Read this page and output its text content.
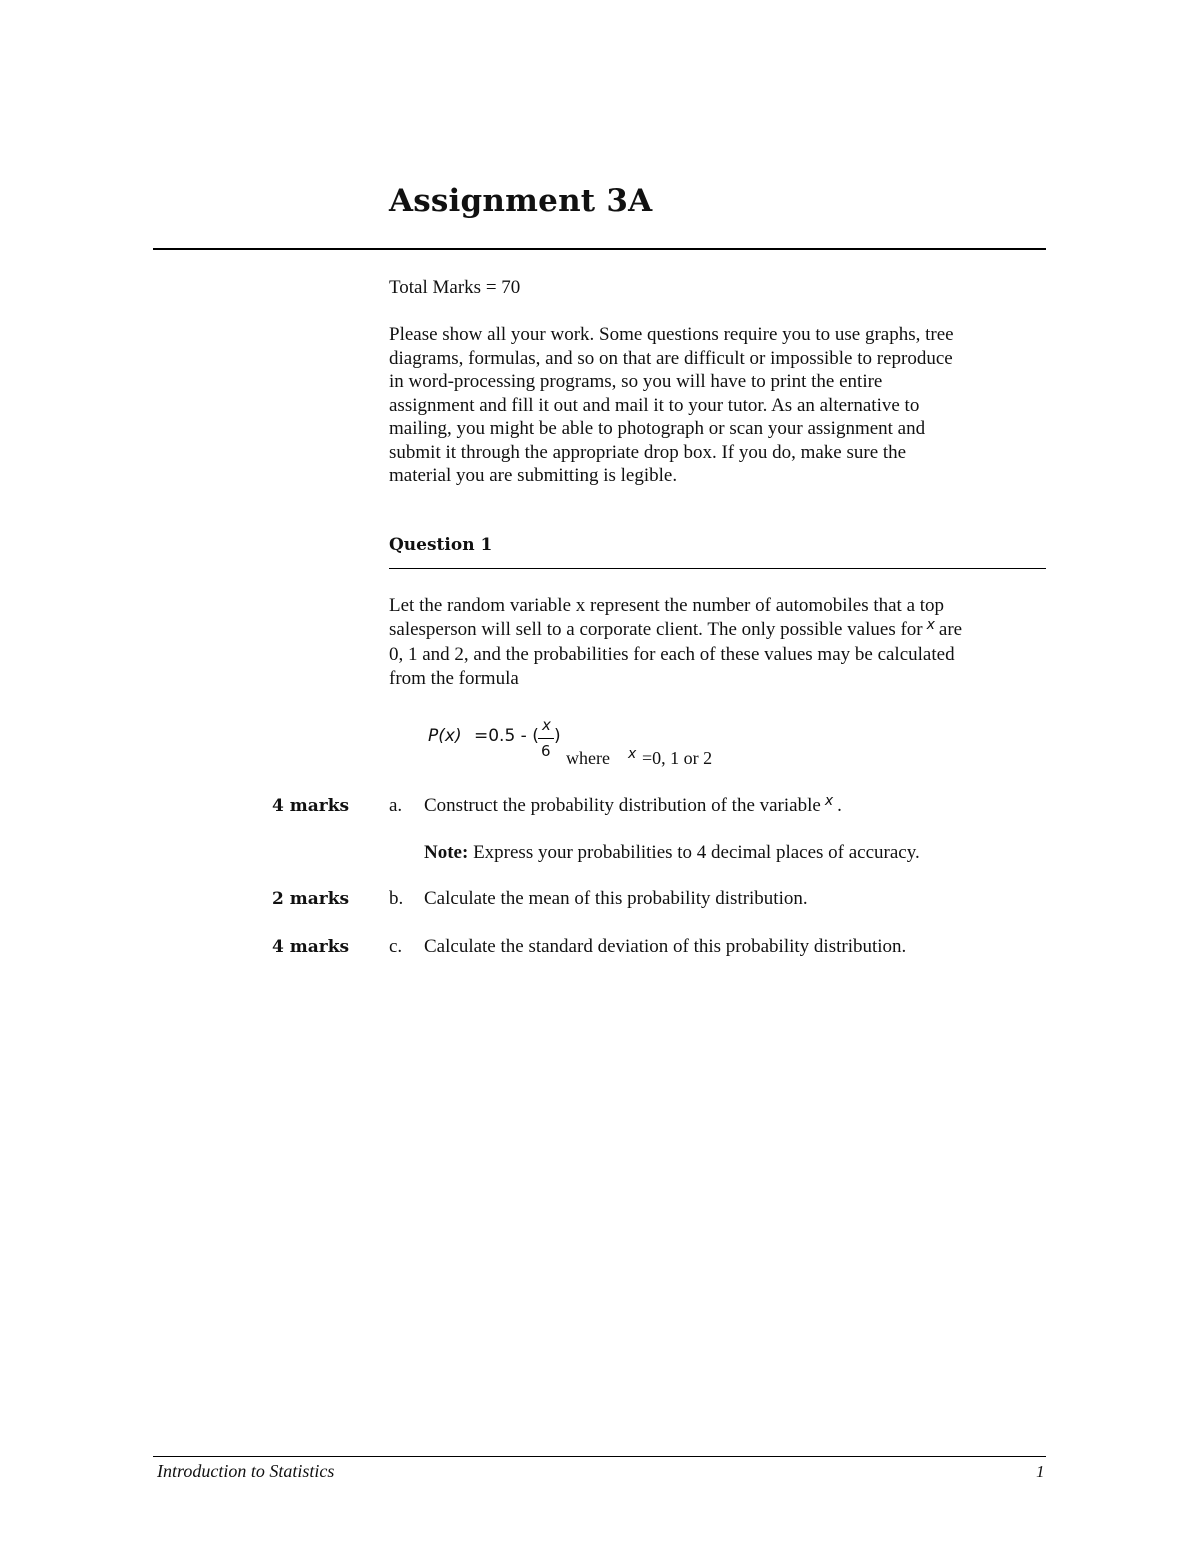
Assignment 3A
Total Marks = 70
Please show all your work. Some questions require you to use graphs, tree
diagrams, formulas, and so on that are difficult or impossible to reproduce
in word-processing programs, so you will have to print the entire
assignment and fill it out and mail it to your tutor. As an alternative to
mailing, you might be able to photograph or scan your assignment and
submit it through the appropriate drop box. If you do, make sure the
material you are submitting is legible.
Question 1
Let the random variable x represent the number of automobiles that a top
salesperson will sell to a corporate client. The only possible values for $^x$ are
0, 1 and 2, and the probabilities for each of these values may be calculated
from the formula
P(x) =0.5 - (
x
6
)
where x =0, 1 or 2
4 marks a. Construct the probability distribution of the variable $^x$ .
Note: Express your probabilities to 4 decimal places of accuracy.
2 marks b. Calculate the mean of this probability distribution.
4 marks c. Calculate the standard deviation of this probability distribution.
Introduction to Statistics	1
